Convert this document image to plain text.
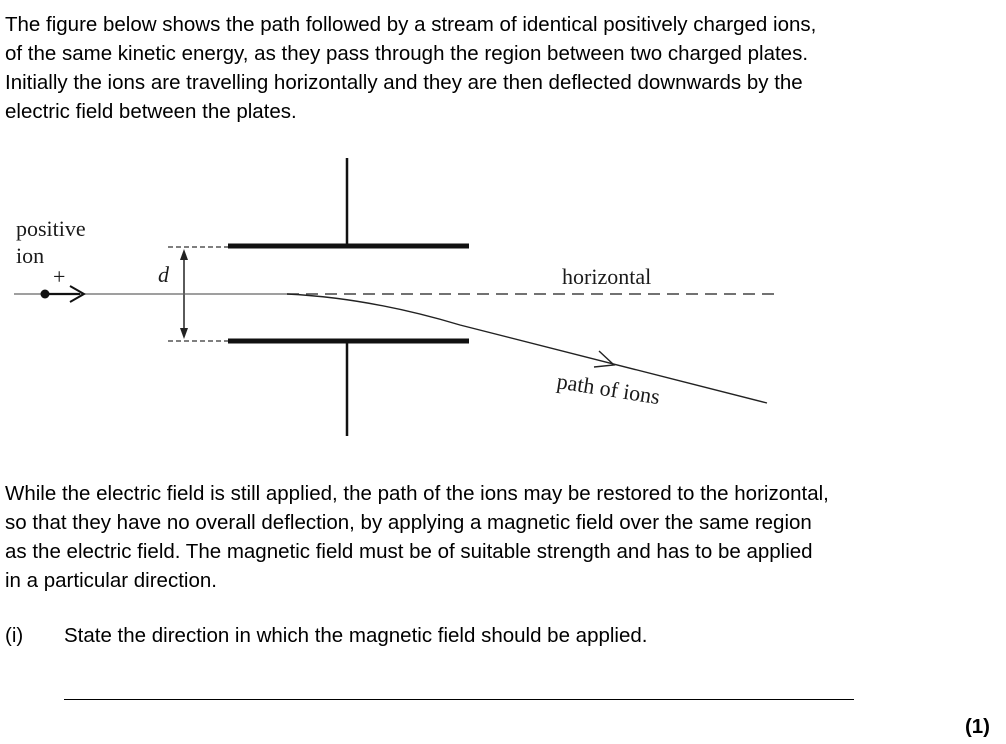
The figure below shows the path followed by a stream of identical positively charged ions,
of the same kinetic energy, as they pass through the region between two charged plates.
Initially the ions are travelling horizontally and they are then deflected downwards by the
electric field between the plates.
d	horizontal
positive
ion
+
path of ions
While the electric field is still applied, the path of the ions may be restored to the horizontal,
so that they have no overall deflection, by applying a magnetic field over the same region
as the electric field. The magnetic field must be of suitable strength and has to be applied
in a particular direction.
(i) State the direction in which the magnetic field should be applied.
(1)
